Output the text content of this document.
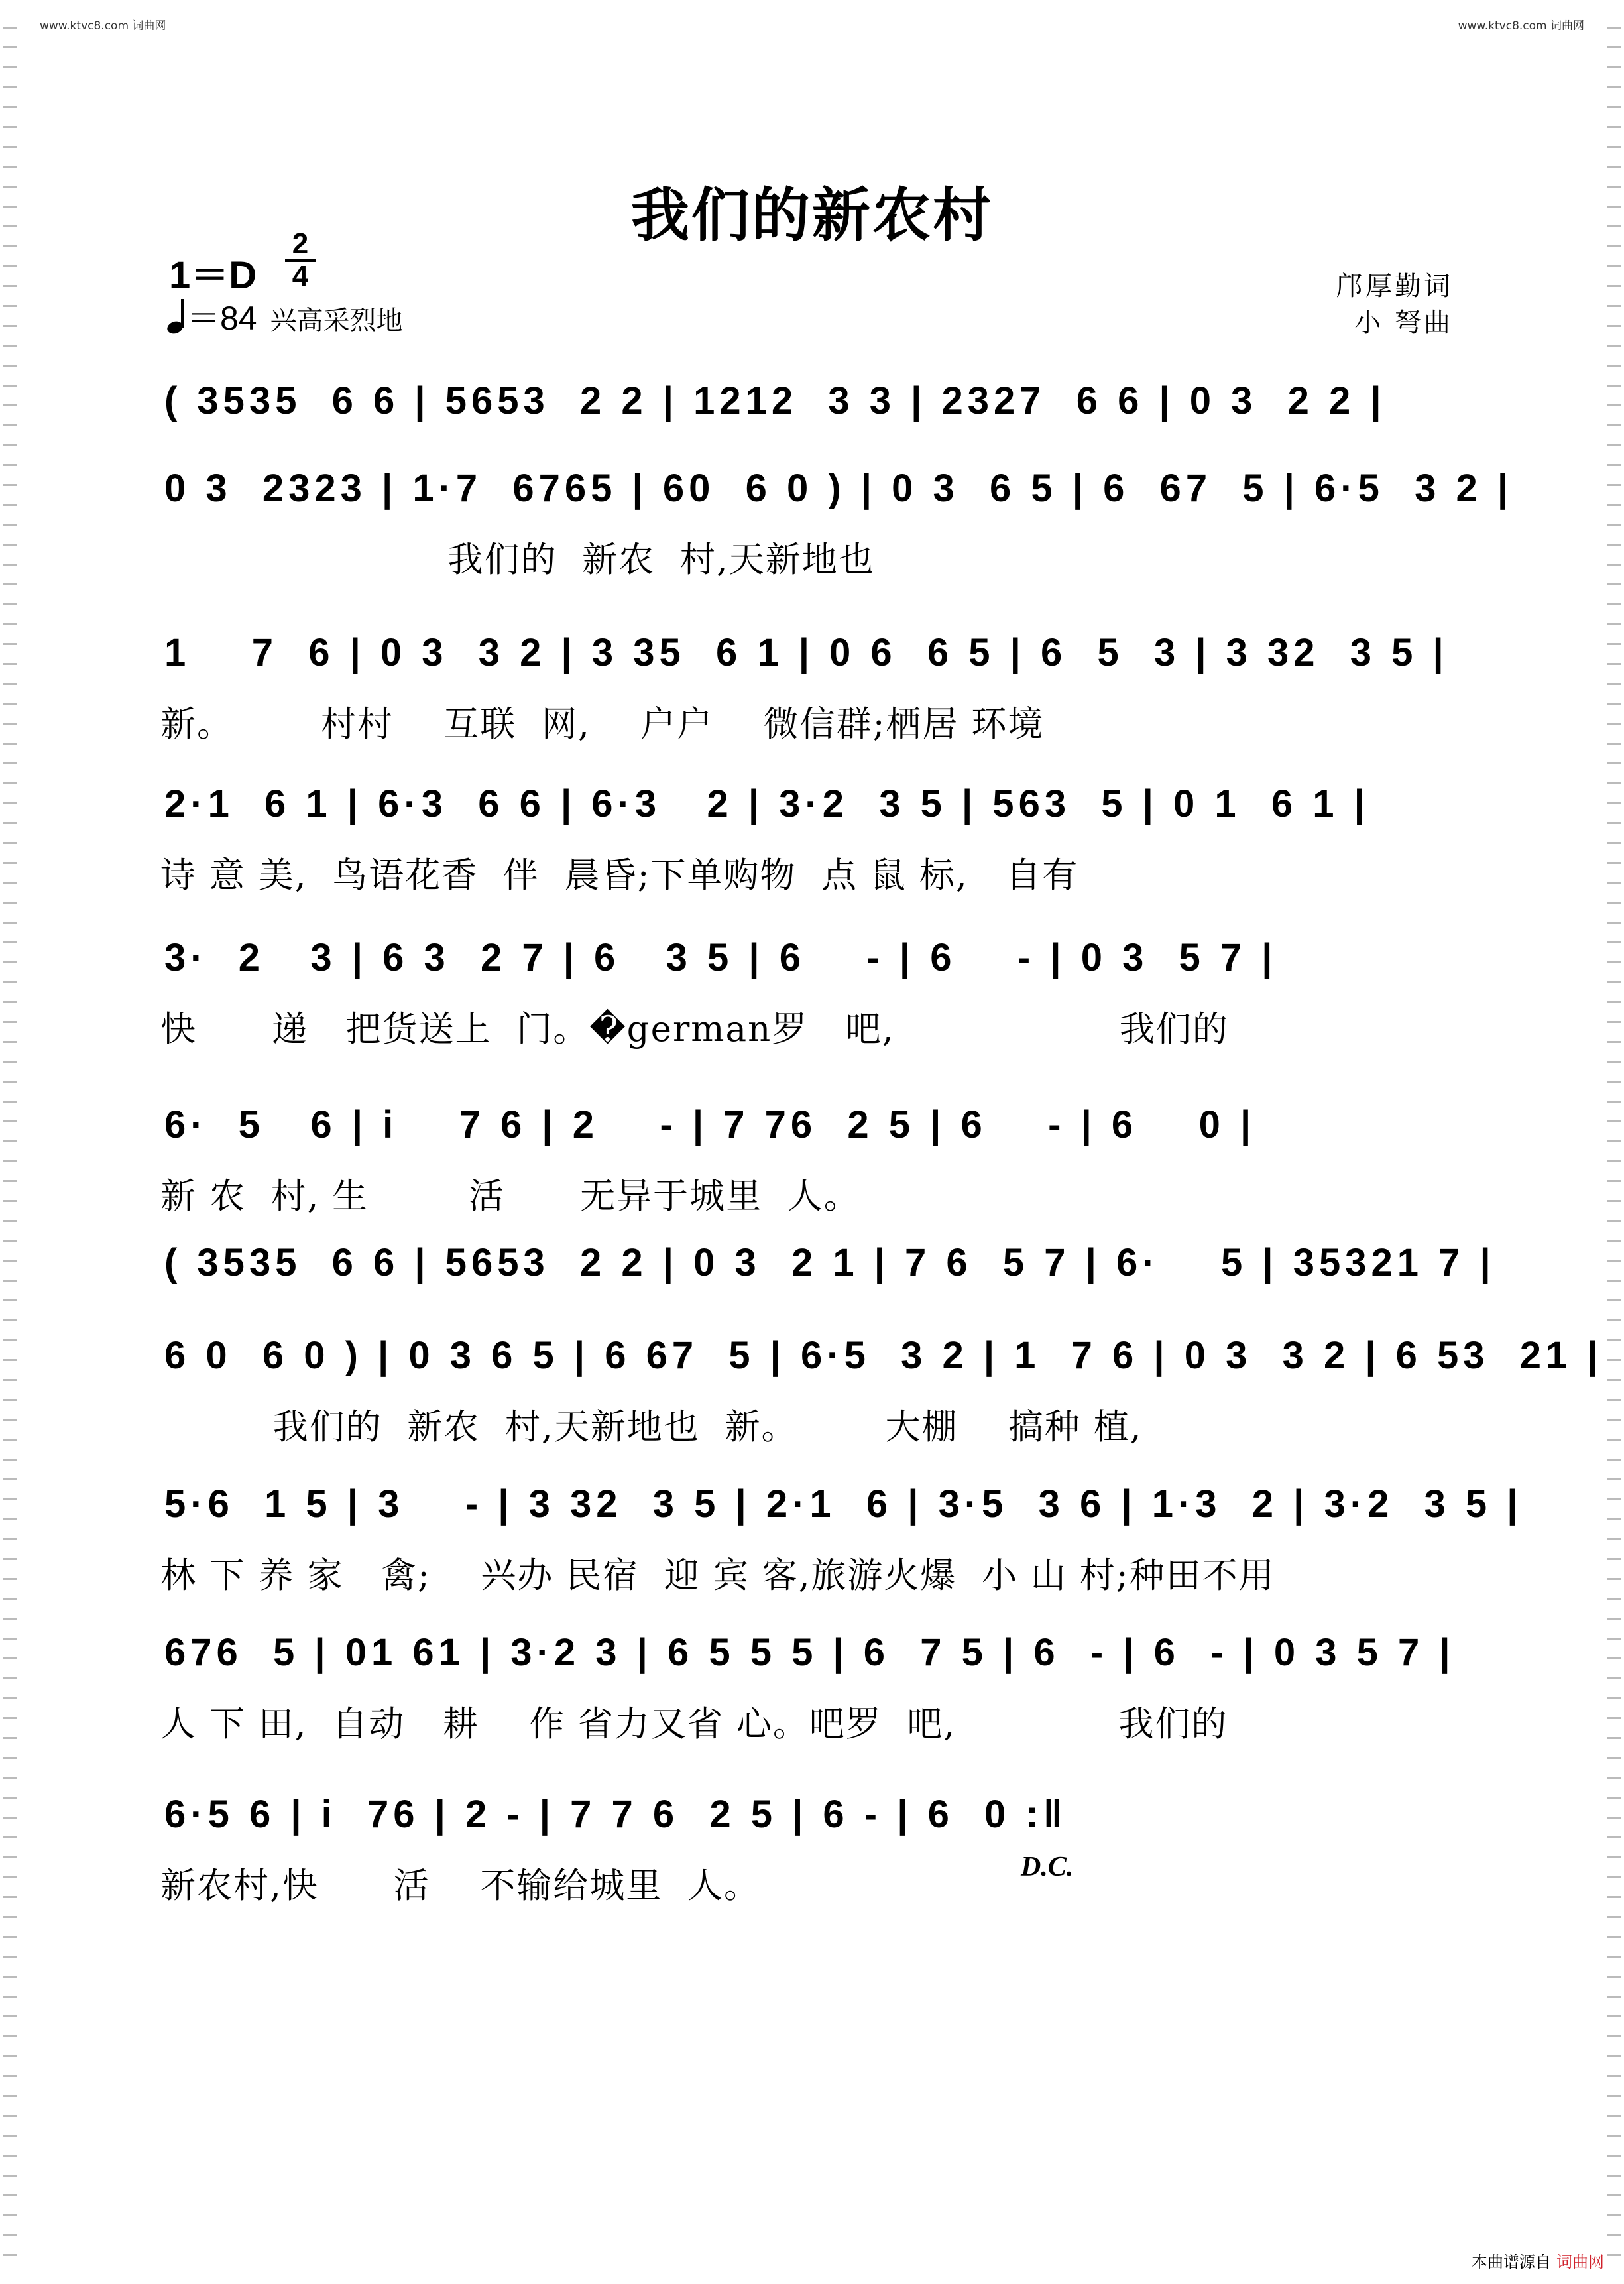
www.ktvc8.com 词曲网	www.ktvc8.com 词曲网
我们的新农村
1＝D
2
4
＝84 兴高采烈地
邝厚勤词
小 弩曲
( 3535  6 6 | 5653  2 2 | 1212  3 3 | 2327  6 6 | 0 3  2 2 |
0 3  2323 | 1·7  6765 | 60  6 0 ) | 0 3  6 5 | 6  67  5 | 6·5  3 2 |
我们的  新农  村,天新地也
1    7  6 | 0 3  3 2 | 3 35  6 1 | 0 6  6 5 | 6  5  3 | 3 32  3 5 |
新。       村村    互联  网,    户户    微信群;栖居 环境
2·1  6 1 | 6·3  6 6 | 6·3   2 | 3·2  3 5 | 563  5 | 0 1  6 1 |
诗 意 美,  鸟语花香  伴  晨昏;下单购物  点 鼠 标,   自有
3·  2   3 | 6 3  2 7 | 6   3 5 | 6    - | 6    - | 0 3  5 7 |
快      递   把货送上  门。�german罗   吧,                  我们的
6·  5   6 | i    7 6 | 2    - | 7 76  2 5 | 6    - | 6    0 |
新 农  村, 生        活      无异于城里  人。
( 3535  6 6 | 5653  2 2 | 0 3  2 1 | 7 6  5 7 | 6·    5 | 35321 7 |
6 0  6 0 ) | 0 3 6 5 | 6 67  5 | 6·5  3 2 | 1  7 6 | 0 3  3 2 | 6 53  21 |
我们的  新农  村,天新地也  新。       大棚    搞种 植,
5·6  1 5 | 3    - | 3 32  3 5 | 2·1  6 | 3·5  3 6 | 1·3  2 | 3·2  3 5 |
林 下 养 家   禽;    兴办 民宿  迎 宾 客,旅游火爆  小 山 村;种田不用
676  5 | 01 61 | 3·2 3 | 6 5 5 5 | 6  7 5 | 6  - | 6  - | 0 3 5 7 |
人 下 田,  自动   耕    作 省力又省 心。吧罗  吧,             我们的
6·5 6 | i  76 | 2 - | 7 7 6  2 5 | 6 - | 6  0 :‖
新农村,快      活    不输给城里  人。	D.C.
本曲谱源自 词曲网
